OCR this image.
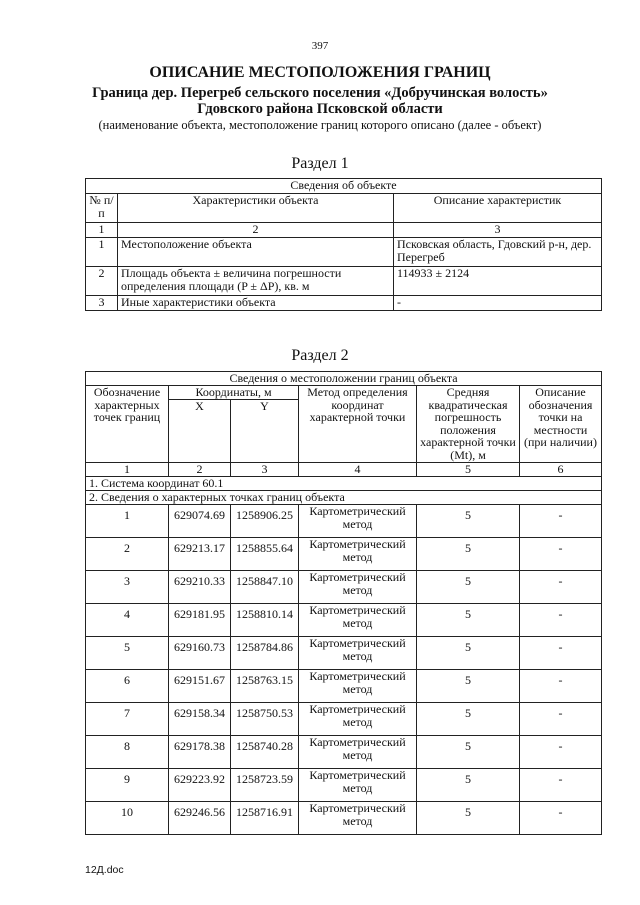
397
ОПИСАНИЕ МЕСТОПОЛОЖЕНИЯ ГРАНИЦ
Граница дер. Перегреб сельского поселения «Добручинская волость»
Гдовского района Псковской области
(наименование объекта, местоположение границ которого описано (далее - объект)
Раздел 1
Сведения об объекте		
№ п/п	Характеристики объекта	Описание характеристик
1	2	3
1	Местоположение объекта	Псковская область, Гдовский р-н, дер. Перегреб
2	Площадь объекта ± величина погрешности определения площади (P ± ΔP), кв. м	114933 ± 2124
3	Иные характеристики объекта	-
Раздел 2
Сведения о местоположении границ объекта					
Обозначение характерных точек границ	Координаты, м		Метод определения координат характерной точки	Средняя квадратическая погрешность положения характерной точки (Mt), м	Описание обозначения точки на местности (при наличии)
	X	Y			
1	2	3	4	5	6
1. Система координат 60.1					
2. Сведения о характерных точках границ объекта					
1	629074.69	1258906.25	Картометрический метод	5	-
2	629213.17	1258855.64	Картометрический метод	5	-
3	629210.33	1258847.10	Картометрический метод	5	-
4	629181.95	1258810.14	Картометрический метод	5	-
5	629160.73	1258784.86	Картометрический метод	5	-
6	629151.67	1258763.15	Картометрический метод	5	-
7	629158.34	1258750.53	Картометрический метод	5	-
8	629178.38	1258740.28	Картометрический метод	5	-
9	629223.92	1258723.59	Картометрический метод	5	-
10	629246.56	1258716.91	Картометрический метод	5	-
12Д.doc
